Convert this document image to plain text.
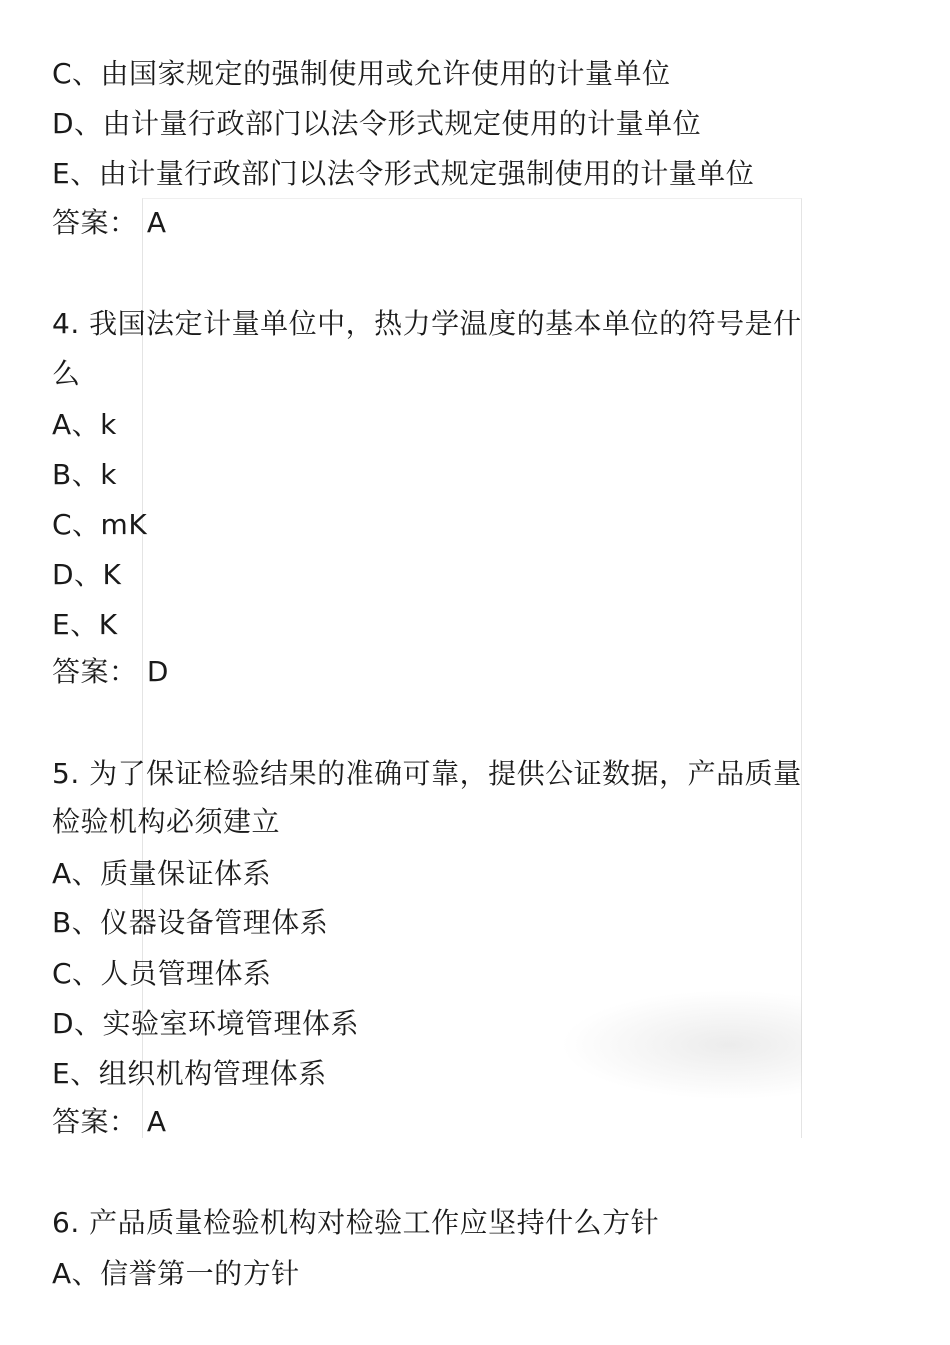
C、由国家规定的强制使用或允许使用的计量单位
D、由计量行政部门以法令形式规定使用的计量单位
E、由计量行政部门以法令形式规定强制使用的计量单位
答案： A
4. 我国法定计量单位中，热力学温度的基本单位的符号是什
么
A、k
B、k
C、mK
D、K
E、K
答案： D
5. 为了保证检验结果的准确可靠，提供公证数据，产品质量
检验机构必须建立
A、质量保证体系
B、仪器设备管理体系
C、人员管理体系
D、实验室环境管理体系
E、组织机构管理体系
答案： A
6. 产品质量检验机构对检验工作应坚持什么方针
A、信誉第一的方针
